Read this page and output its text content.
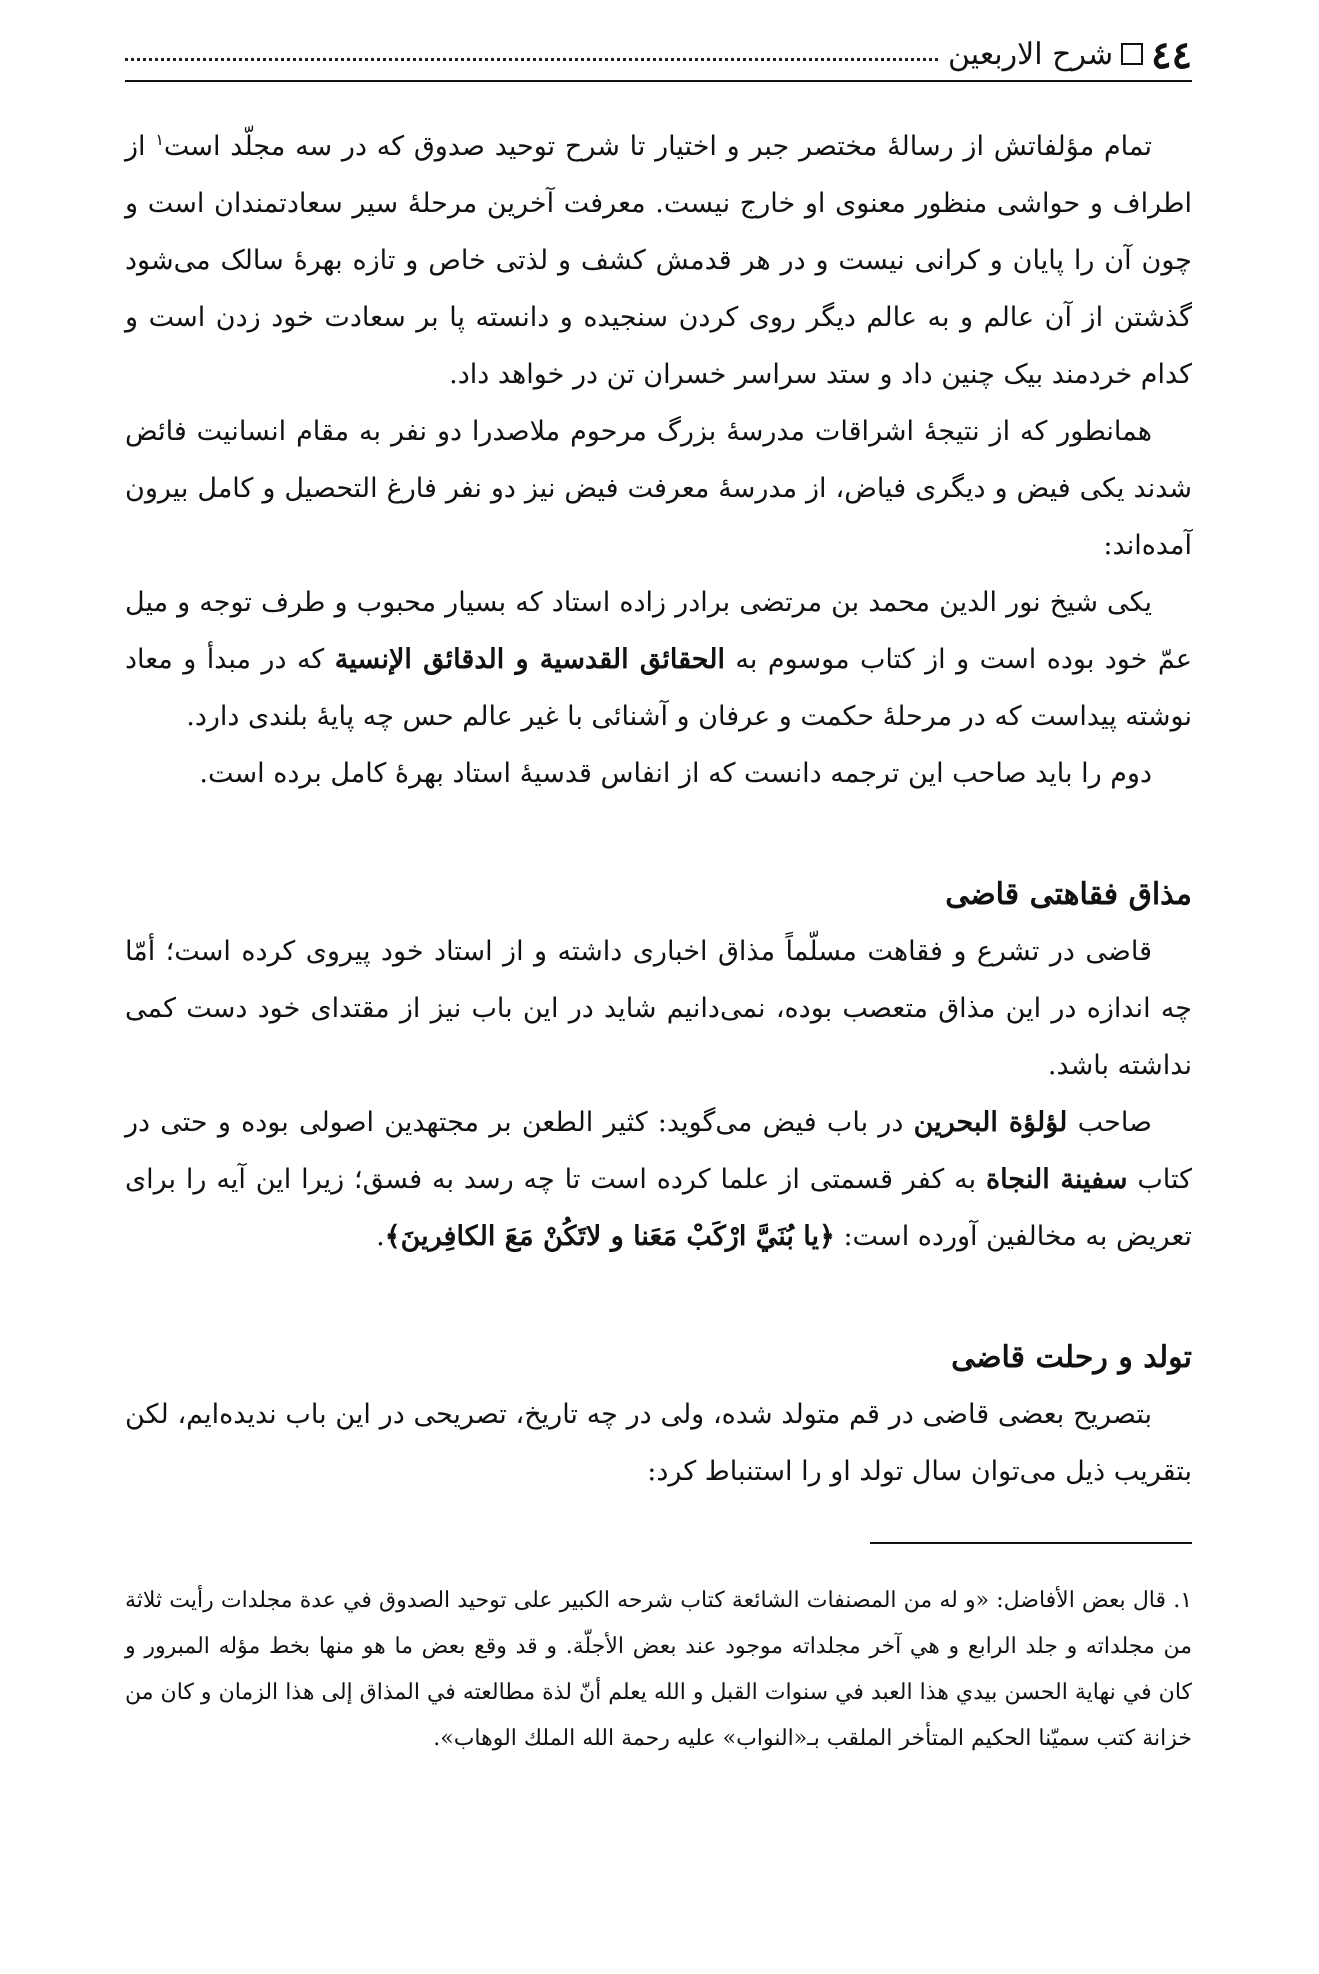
٤٤
شرح الاربعين

تمام مؤلفاتش از رسالهٔ مختصر جبر و اختیار تا شرح توحید صدوق که در سه مجلّد است$^۱$ از اطراف و حواشی منظور معنوی او خارج نیست. معرفت آخرین مرحلهٔ سیر سعادتمندان است و چون آن را پایان و کرانی نیست و در هر قدمش کشف و لذتی خاص و تازه بهرهٔ سالک می‌شود گذشتن از آن عالم و به عالم دیگر روی کردن سنجیده و دانسته پا بر سعادت خود زدن است و کدام خردمند بیک چنین داد و ستد سراسر خسران تن در خواهد داد.

همانطور که از نتیجهٔ اشراقات مدرسهٔ بزرگ مرحوم ملاصدرا دو نفر به مقام انسانیت فائض شدند یکی فیض و دیگری فیاض، از مدرسهٔ معرفت فیض نیز دو نفر فارغ التحصیل و کامل بیرون آمده‌اند:

یکی شیخ نور الدین محمد بن مرتضی برادر زاده استاد که بسیار محبوب و طرف توجه و میل عمّ خود بوده است و از کتاب موسوم به الحقائق القدسية و الدقائق الإنسية که در مبدأ و معاد نوشته پیداست که در مرحلهٔ حکمت و عرفان و آشنائی با غیر عالم حس چه پایهٔ بلندی دارد.

دوم را باید صاحب این ترجمه دانست که از انفاس قدسیهٔ استاد بهرهٔ کامل برده است.

مذاق فقاهتی قاضی

قاضی در تشرع و فقاهت مسلّماً مذاق اخباری داشته و از استاد خود پیروی کرده است؛ أمّا چه اندازه در این مذاق متعصب بوده، نمی‌دانیم شاید در این باب نیز از مقتدای خود دست کمی نداشته باشد.

صاحب لؤلؤة البحرين در باب فیض می‌گوید: کثیر الطعن بر مجتهدین اصولی بوده و حتی در کتاب سفينة النجاة به کفر قسمتی از علما کرده است تا چه رسد به فسق؛ زیرا این آیه را برای تعریض به مخالفین آورده است: ﴿یا بُنَيَّ ارْكَبْ مَعَنا و لاتَكُنْ مَعَ الكافِرينَ﴾.

تولد و رحلت قاضی

بتصریح بعضی قاضی در قم متولد شده، ولی در چه تاریخ، تصریحی در این باب ندیده‌ایم، لکن بتقریب ذیل می‌توان سال تولد او را استنباط کرد:

۱. قال بعض الأفاضل: «و له من المصنفات الشائعة كتاب شرحه الكبير على توحيد الصدوق في عدة مجلدات رأيت ثلاثة من مجلداته و جلد الرابع و هي آخر مجلداته موجود عند بعض الأجلّة. و قد وقع بعض ما هو منها بخط مؤله المبرور و كان في نهاية الحسن بيدي هذا العبد في سنوات القبل و الله يعلم أنّ لذة مطالعته في المذاق إلى هذا الزمان و كان من خزانة كتب سميّنا الحكيم المتأخر الملقب بـ«النواب» عليه رحمة الله الملك الوهاب».
